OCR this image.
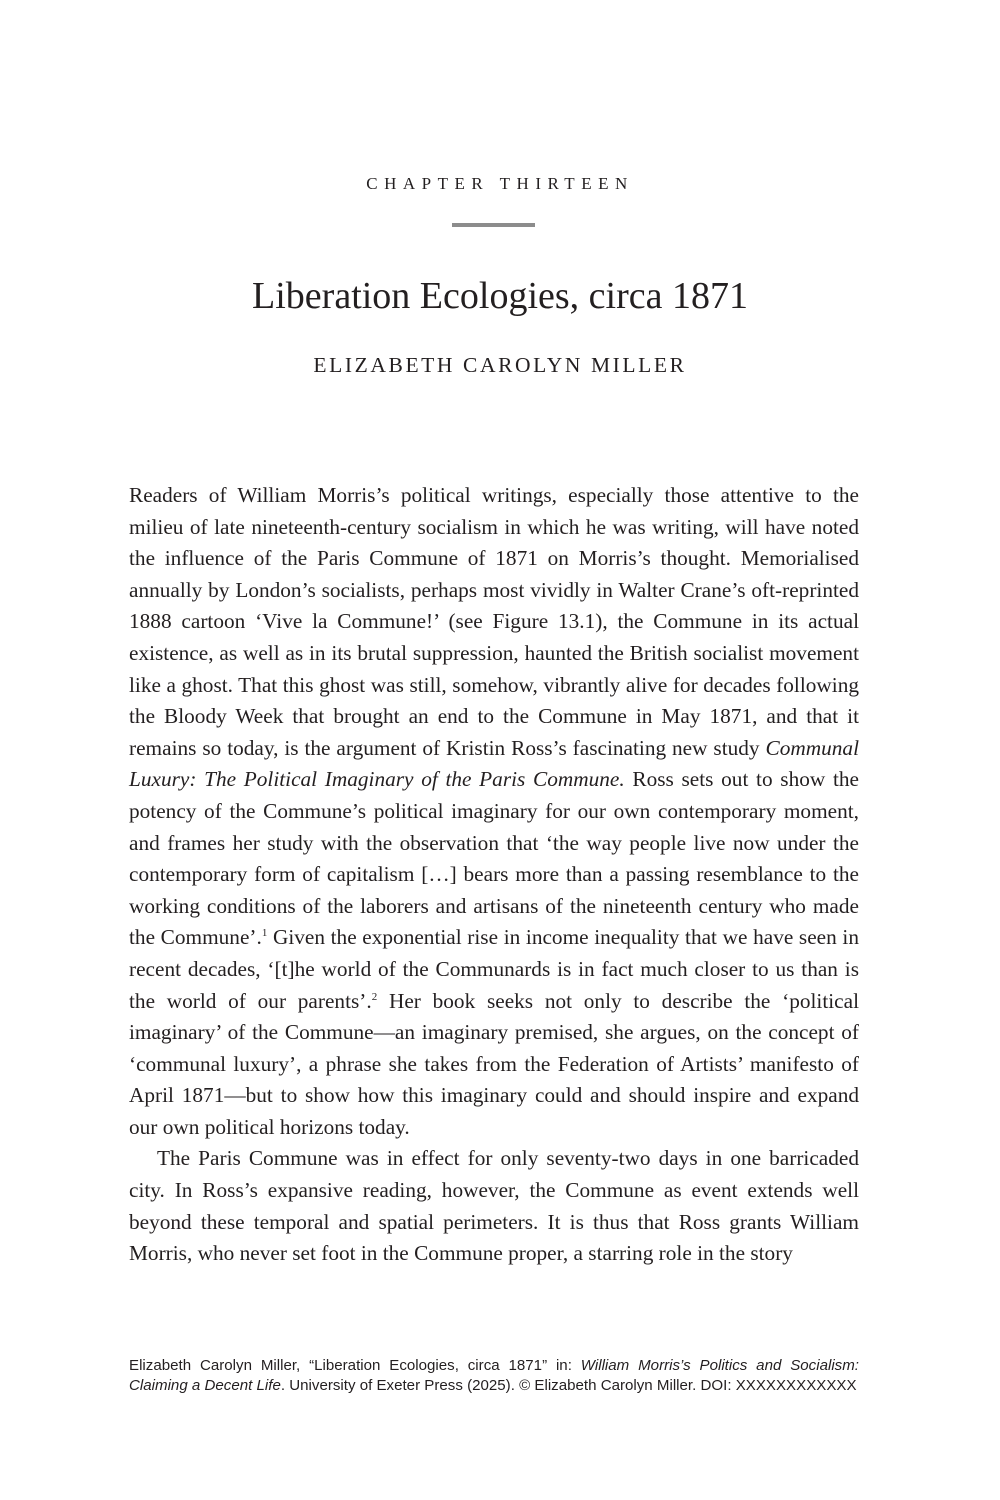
CHAPTER THIRTEEN
Liberation Ecologies, circa 1871
ELIZABETH CAROLYN MILLER

Readers of William Morris’s political writings, especially those attentive to the milieu of late nineteenth-century socialism in which he was writing, will have noted the influence of the Paris Commune of 1871 on Morris’s thought. Memorialised annually by London’s socialists, perhaps most vividly in Walter Crane’s oft-reprinted 1888 cartoon ‘Vive la Commune!’ (see Figure 13.1), the Commune in its actual existence, as well as in its brutal suppression, haunted the British socialist movement like a ghost. That this ghost was still, somehow, vibrantly alive for decades following the Bloody Week that brought an end to the Commune in May 1871, and that it remains so today, is the argument of Kristin Ross’s fascinating new study Communal Luxury: The Political Imaginary of the Paris Commune. Ross sets out to show the potency of the Commune’s political imaginary for our own contemporary moment, and frames her study with the observation that ‘the way people live now under the contemporary form of capitalism […] bears more than a passing resemblance to the working conditions of the laborers and artisans of the nineteenth century who made the Commune’.$^1$ Given the exponential rise in income inequality that we have seen in recent decades, ‘[t]he world of the Communards is in fact much closer to us than is the world of our parents’.$^2$ Her book seeks not only to describe the ‘political imaginary’ of the Commune—an imaginary premised, she argues, on the concept of ‘communal luxury’, a phrase she takes from the Federation of Artists’ manifesto of April 1871—but to show how this imaginary could and should inspire and expand our own political horizons today.

The Paris Commune was in effect for only seventy-two days in one barricaded city. In Ross’s expansive reading, however, the Commune as event extends well beyond these temporal and spatial perimeters. It is thus that Ross grants William Morris, who never set foot in the Commune proper, a starring role in the story

Elizabeth Carolyn Miller, “Liberation Ecologies, circa 1871” in: William Morris’s Politics and Socialism: Claiming a Decent Life. University of Exeter Press (2025). © Elizabeth Carolyn Miller. DOI: XXXXXXXXXXXX
